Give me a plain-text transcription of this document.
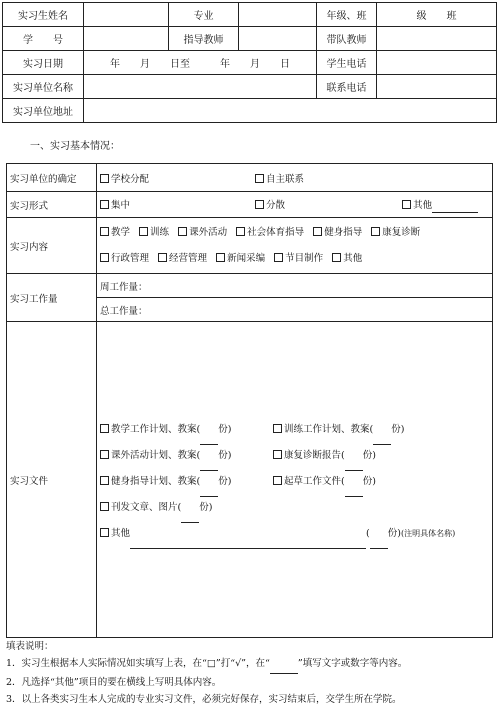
实习生姓名		专业		年级、班	级　　班
学　　号		指导教师		带队教师	
实习日期	年　　月　　日至　　　年　　月　　日			学生电话	
实习单位名称				联系电话	
实习单位地址					
一、实习基本情况：
实习单位的确定	学校分配 自主联系
实习形式	集中 分散 其他
实习内容	教学 训练 课外活动 社会体育指导 健身指导 康复诊断
行政管理 经营管理 新闻采编 节目制作 其他

实习工作量	周工作量：
	总工作量：
实习文件	教学工作计划、教案( 份) 训练工作计划、教案( 份)
课外活动计划、教案( 份) 康复诊断报告( 份)
健身指导计划、教案( 份) 起草工作文件( 份)
刊发文章、图片( 份)
其他 ( 份)(注明具体名称)
填表说明：
1．实习生根据本人实际情况如实填写上表，在“□”打“√”，在“	”填写文字或数字等内容。
2．凡选择“其他”项目的要在横线上写明具体内容。
3．以上各类实习生本人完成的专业实习文件，必须完好保存，实习结束后，交学生所在学院。
